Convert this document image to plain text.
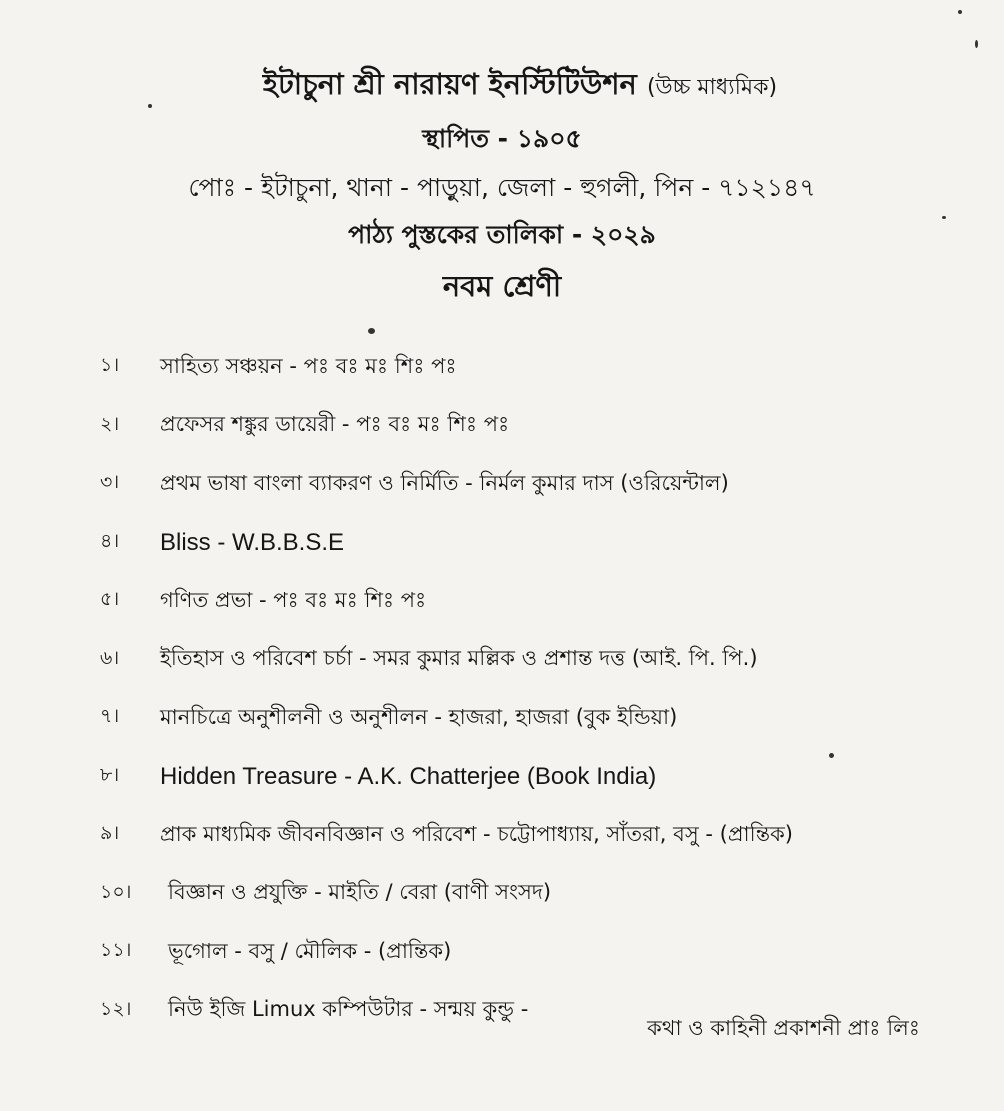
ইটাচুনা শ্রী নারায়ণ ইনস্টিটিউশন (উচ্চ মাধ্যমিক)
স্থাপিত - ১৯০৫
পোঃ - ইটাচুনা, থানা - পাড়ুয়া, জেলা - হুগলী, পিন - ৭১২১৪৭
পাঠ্য পুস্তকের তালিকা - ২০২৯
নবম শ্রেণী
১।	সাহিত্য সঞ্চয়ন - পঃ বঃ মঃ শিঃ পঃ
২।	প্রফেসর শঙ্কুর ডায়েরী - পঃ বঃ মঃ শিঃ পঃ
৩।	প্রথম ভাষা বাংলা ব্যাকরণ ও নির্মিতি - নির্মল কুমার দাস (ওরিয়েন্টাল)
৪।	Bliss - W.B.B.S.E
৫।	গণিত প্রভা - পঃ বঃ মঃ শিঃ পঃ
৬।	ইতিহাস ও পরিবেশ চর্চা - সমর কুমার মল্লিক ও প্রশান্ত দত্ত (আই. পি. পি.)
৭।	মানচিত্রে অনুশীলনী ও অনুশীলন - হাজরা, হাজরা (বুক ইন্ডিয়া)
৮।	Hidden Treasure - A.K. Chatterjee (Book India)
৯।	প্রাক মাধ্যমিক জীবনবিজ্ঞান ও পরিবেশ - চট্টোপাধ্যায়, সাঁতরা, বসু - (প্রান্তিক)
১০।	বিজ্ঞান ও প্রযুক্তি - মাইতি / বেরা (বাণী সংসদ)
১১।	ভূগোল - বসু / মৌলিক - (প্রান্তিক)
১২।	নিউ ইজি Limux কম্পিউটার - সন্ময় কুন্ডু -
কথা ও কাহিনী প্রকাশনী প্রাঃ লিঃ
